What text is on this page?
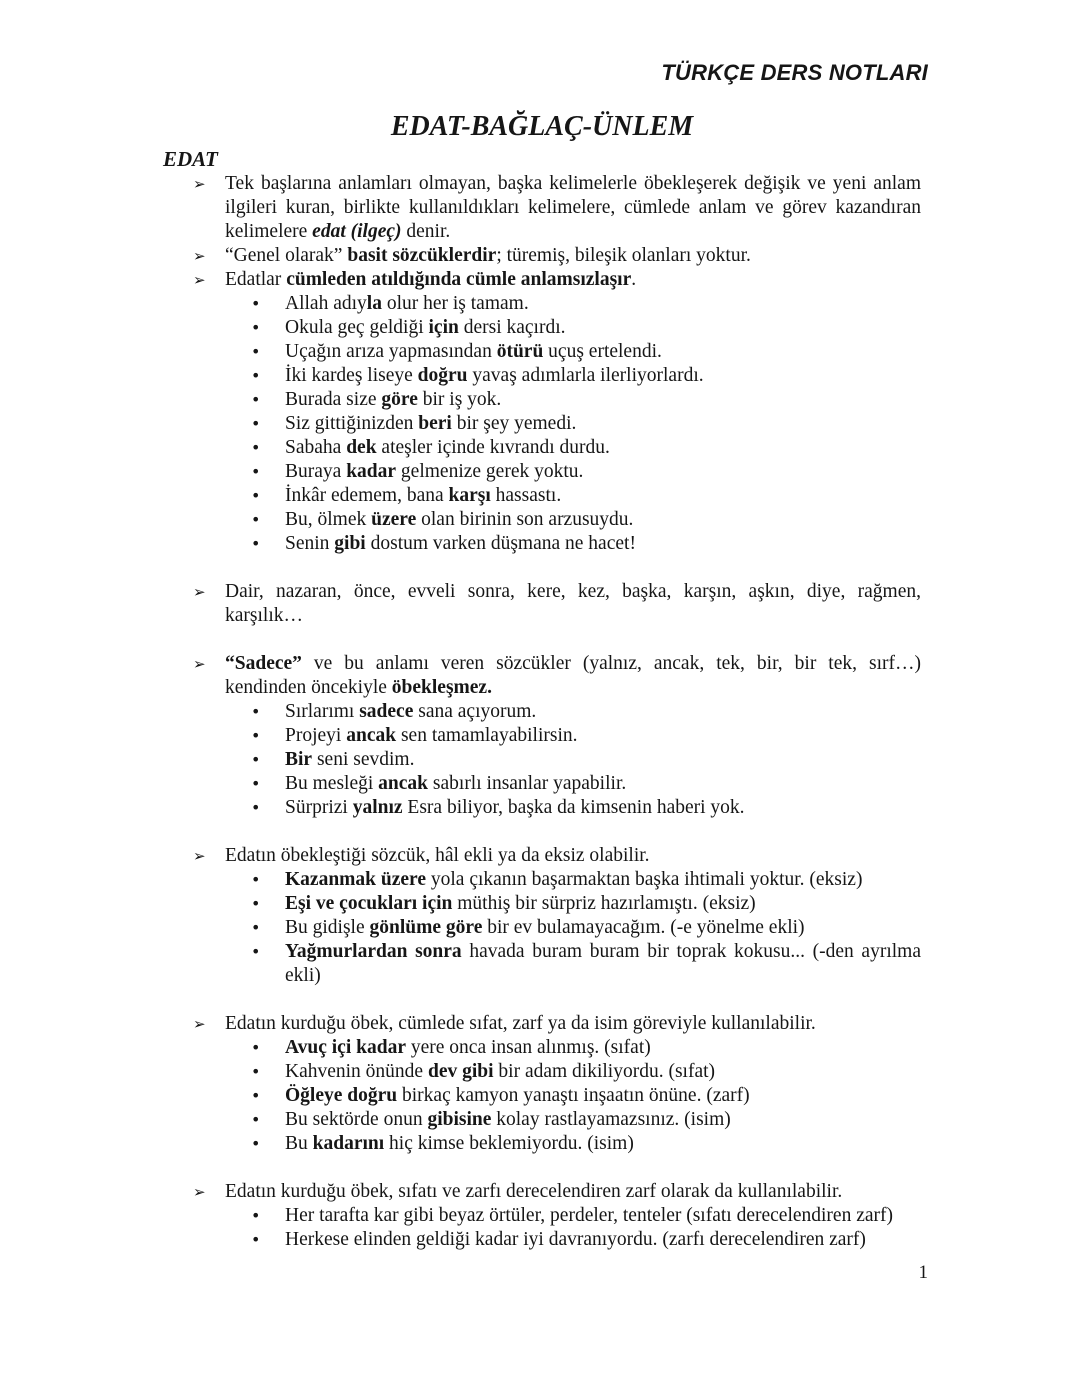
TÜRKÇE DERS NOTLARI
EDAT-BAĞLAÇ-ÜNLEM
EDAT
➢ Tek başlarına anlamları olmayan, başka kelimelerle öbekleşerek değişik ve yeni anlam ilgileri kuran, birlikte kullanıldıkları kelimelere, cümlede anlam ve görev kazandıran kelimelere edat (ilgeç) denir.
➢ “Genel olarak” basit sözcüklerdir; türemiş, bileşik olanları yoktur.
➢ Edatlar cümleden atıldığında cümle anlamsızlaşır.
• Allah adıyla olur her iş tamam.
• Okula geç geldiği için dersi kaçırdı.
• Uçağın arıza yapmasından ötürü uçuş ertelendi.
• İki kardeş liseye doğru yavaş adımlarla ilerliyorlardı.
• Burada size göre bir iş yok.
• Siz gittiğinizden beri bir şey yemedi.
• Sabaha dek ateşler içinde kıvrandı durdu.
• Buraya kadar gelmenize gerek yoktu.
• İnkâr edemem, bana karşı hassastı.
• Bu, ölmek üzere olan birinin son arzusuydu.
• Senin gibi dostum varken düşmana ne hacet!
➢ Dair, nazaran, önce, evveli sonra, kere, kez, başka, karşın, aşkın, diye, rağmen, karşılık…
➢ “Sadece” ve bu anlamı veren sözcükler (yalnız, ancak, tek, bir, bir tek, sırf…) kendinden öncekiyle öbekleşmez.
• Sırlarımı sadece sana açıyorum.
• Projeyi ancak sen tamamlayabilirsin.
• Bir seni sevdim.
• Bu mesleği ancak sabırlı insanlar yapabilir.
• Sürprizi yalnız Esra biliyor, başka da kimsenin haberi yok.
➢ Edatın öbekleştiği sözcük, hâl ekli ya da eksiz olabilir.
• Kazanmak üzere yola çıkanın başarmaktan başka ihtimali yoktur. (eksiz)
• Eşi ve çocukları için müthiş bir sürpriz hazırlamıştı. (eksiz)
• Bu gidişle gönlüme göre bir ev bulamayacağım. (-e yönelme ekli)
• Yağmurlardan sonra havada buram buram bir toprak kokusu... (-den ayrılma ekli)
➢ Edatın kurduğu öbek, cümlede sıfat, zarf ya da isim göreviyle kullanılabilir.
• Avuç içi kadar yere onca insan alınmış. (sıfat)
• Kahvenin önünde dev gibi bir adam dikiliyordu. (sıfat)
• Öğleye doğru birkaç kamyon yanaştı inşaatın önüne. (zarf)
• Bu sektörde onun gibisine kolay rastlayamazsınız. (isim)
• Bu kadarını hiç kimse beklemiyordu. (isim)
➢ Edatın kurduğu öbek, sıfatı ve zarfı derecelendiren zarf olarak da kullanılabilir.
• Her tarafta kar gibi beyaz örtüler, perdeler, tenteler (sıfatı derecelendiren zarf)
• Herkese elinden geldiği kadar iyi davranıyordu. (zarfı derecelendiren zarf)
1
